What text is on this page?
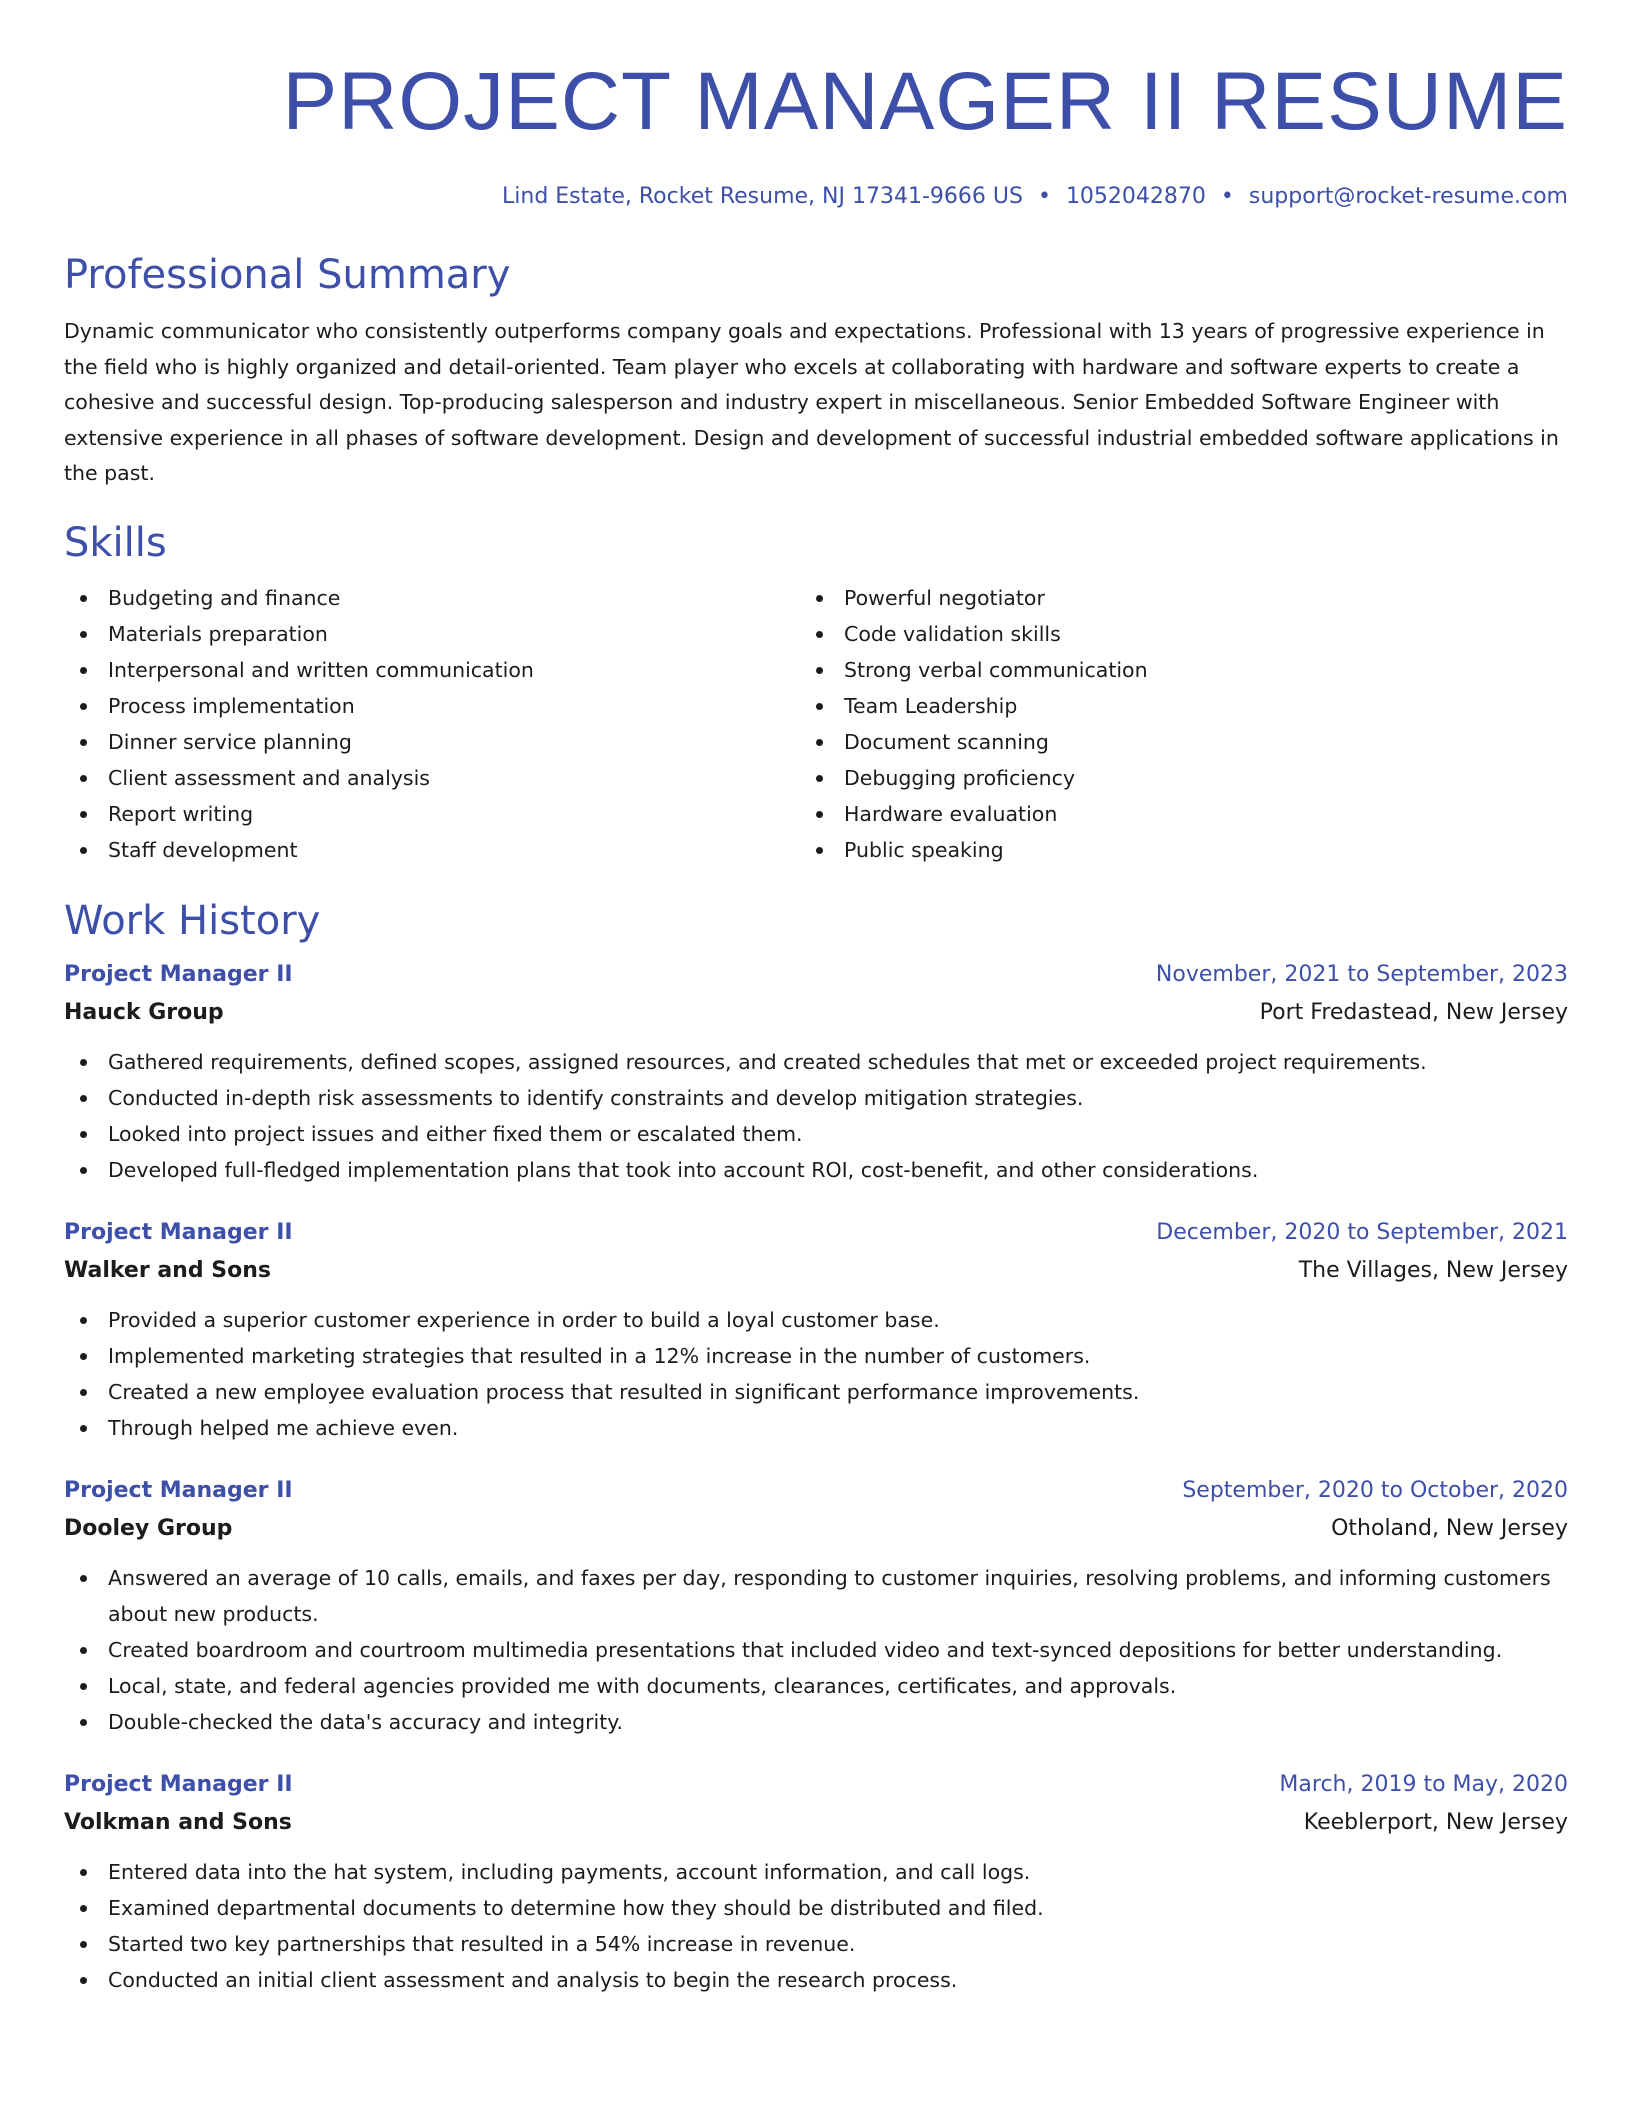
PROJECT MANAGER II RESUME
Lind Estate, Rocket Resume, NJ 17341-9666 US • 1052042870 • support@rocket-resume.com
Professional Summary
Dynamic communicator who consistently outperforms company goals and expectations. Professional with 13 years of progressive experience in the field who is highly organized and detail-oriented. Team player who excels at collaborating with hardware and software experts to create a cohesive and successful design. Top-producing salesperson and industry expert in miscellaneous. Senior Embedded Software Engineer with extensive experience in all phases of software development. Design and development of successful industrial embedded software applications in the past.
Skills
Budgeting and finance
Materials preparation
Interpersonal and written communication
Process implementation
Dinner service planning
Client assessment and analysis
Report writing
Staff development
Powerful negotiator
Code validation skills
Strong verbal communication
Team Leadership
Document scanning
Debugging proficiency
Hardware evaluation
Public speaking
Work History
Project Manager II	November, 2021 to September, 2023
Hauck Group	Port Fredastead, New Jersey
Gathered requirements, defined scopes, assigned resources, and created schedules that met or exceeded project requirements.
Conducted in-depth risk assessments to identify constraints and develop mitigation strategies.
Looked into project issues and either fixed them or escalated them.
Developed full-fledged implementation plans that took into account ROI, cost-benefit, and other considerations.
Project Manager II	December, 2020 to September, 2021
Walker and Sons	The Villages, New Jersey
Provided a superior customer experience in order to build a loyal customer base.
Implemented marketing strategies that resulted in a 12% increase in the number of customers.
Created a new employee evaluation process that resulted in significant performance improvements.
Through helped me achieve even.
Project Manager II	September, 2020 to October, 2020
Dooley Group	Otholand, New Jersey
Answered an average of 10 calls, emails, and faxes per day, responding to customer inquiries, resolving problems, and informing customers about new products.
Created boardroom and courtroom multimedia presentations that included video and text-synced depositions for better understanding.
Local, state, and federal agencies provided me with documents, clearances, certificates, and approvals.
Double-checked the data's accuracy and integrity.
Project Manager II	March, 2019 to May, 2020
Volkman and Sons	Keeblerport, New Jersey
Entered data into the hat system, including payments, account information, and call logs.
Examined departmental documents to determine how they should be distributed and filed.
Started two key partnerships that resulted in a 54% increase in revenue.
Conducted an initial client assessment and analysis to begin the research process.
